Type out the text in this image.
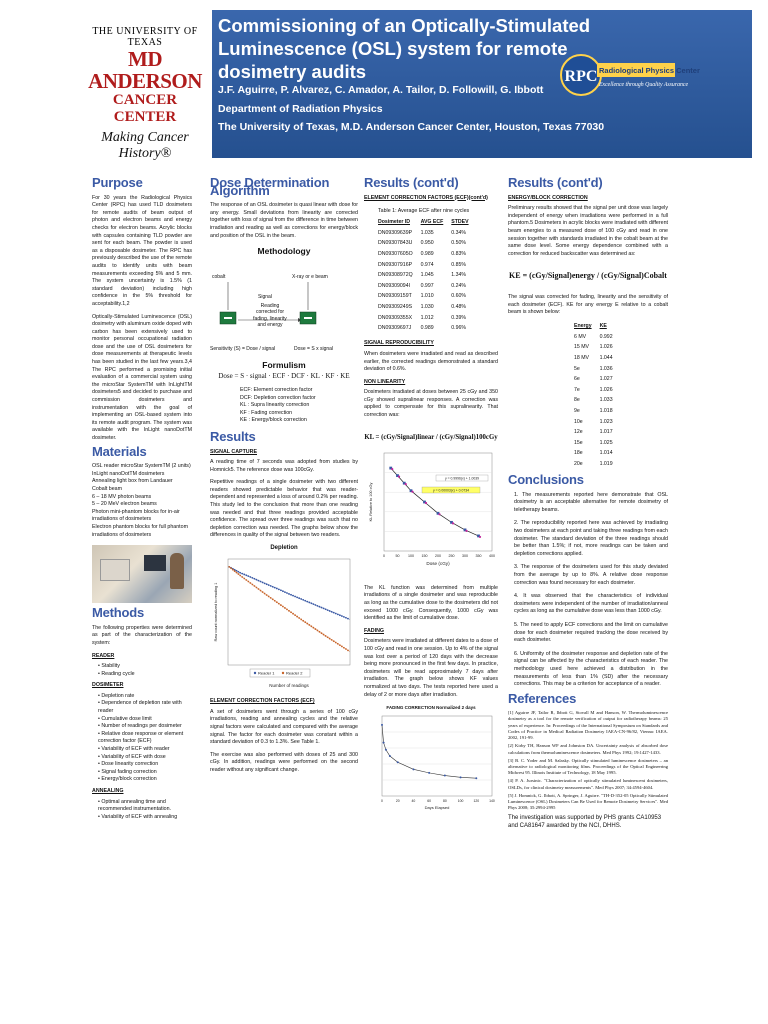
THE UNIVERSITY OF TEXAS
MD ANDERSON
CANCER CENTER
Making Cancer History®
Commissioning of an Optically-Stimulated Luminescence (OSL) system for remote dosimetry audits
J.F. Aguirre, P. Alvarez, C. Amador, A. Tailor, D. Followill, G. Ibbott
Department of Radiation Physics
The University of Texas, M.D. Anderson Cancer Center, Houston, Texas 77030
RPC Radiological Physics Center
Excellence through Quality Assurance
Purpose

For 30 years the Radiological Physics Center (RPC) has used TLD dosimeters for remote audits of beam output of photon and electron beams and energy checks for electron beams. Acrylic blocks with capsules containing TLD powder are sent for each beam. The powder is used as a disposable dosimeter. The RPC has previously described the use of the remote audits to identify units with beam measurements exceeding 5% and 5 mm. The system uncertainty is 1.5% (1 standard deviation) including high confidence in the 5% threshold for acceptability.1,2

Optically-Stimulated Luminescence (OSL) dosimetry with aluminum oxide doped with carbon has been extensively used to monitor personal occupational radiation dose and the use of OSL dosimeters for dose measurements at therapeutic levels has been studied in the last few years.3,4 The RPC performed a promising initial evaluation of a commercial system using the microStar SystemTM with InLightTM dosimeters5 and decided to purchase and commission dosimeters and instrumentation with the goal of implementing an OSL-based system into its remote audit program. The system was available with the InLight nanoDotTM dosimeter.

Materials
OSL reader microStar SystemTM (2 units)
InLight nanoDotTM dosimeters
Annealing light box from Landauer
Cobalt beam
6 – 18 MV photon beams
5 – 20 MeV electron beams
Photon mini-phantom blocks for in-air irradiations of dosimeters
Electron phantom blocks for full phantom irradiations of dosimeters
Methods

The following properties were determined as part of the characterization of the system:

READER
• Stability
• Reading cycle
DOSIMETER
• Depletion rate
• Dependence of depletion rate with reader
• Cumulative dose limit
• Number of readings per dosimeter
• Relative dose response or element correction factor (ECF)
• Variability of ECF with reader
• Variability of ECF with dose
• Dose linearity correction
• Signal fading correction
• Energy/block correction
ANNEALING
• Optimal annealing time and recommended instrumentation.
• Variability of ECF with annealing
Dose Determination Algorithm

The response of an OSL dosimeter is quasi linear with dose for any energy. Small deviations from linearity are corrected together with loss of signal from the difference in time between irradiation and reading as well as corrections for energy/block and position of the OSL in the beam.

Methodology
cobalt	X-ray or e beam
Signal
Reading corrected for fading, linearity and energy
Sensitivity (S) = Dose / signal	Dose = S x signal
Formulism
Dose = S · signal · ECF · DCF · KL · KF · KE
ECF: Element correction factor
DCF: Depletion correction factor
KL : Supra linearity correction
KF : Fading correction
KE : Energy/block correction
Results
SIGNAL CAPTURE

A reading time of 7 seconds was adopted from studies by Homnick5. The reference dose was 100cGy.

Repetitive readings of a single dosimeter with two different readers showed predictable behavior that was reader-dependent and represented a loss of around 0.2% per reading. This study led to the conclusion that more than one reading was needed and that three readings provided acceptable confidence. The spread over three readings was such that no depletion correction was needed. The graphs below show the differences in quality of the signal between two readers.

Depletion
Number of readings
Raw count normalized to reading 1
Reader 1	Reader 2
ELEMENT CORRECTION FACTORS (ECF)

A set of dosimeters went through a series of 100 cGy irradiations, reading and annealing cycles and the relative signal factors were calculated and compared with the average signal. The factor for each dosimeter was constant within a standard deviation of 0.3 to 1.3%. See Table 1.

The exercise was also performed with doses of 25 and 300 cGy. In addition, readings were performed on the second reader without any significant change.

Results (cont'd)
ELEMENT CORRECTION FACTORS (ECF)(cont'd)
Table 1: Average ECF after nine cycles
Dosimeter ID	AVG ECF	STDEV
DN09309639P	1.035	0.34%
DN09307843U	0.950	0.50%
DN09307605O	0.989	0.83%
DN09307916P	0.974	0.85%
DN09308972Q	1.045	1.34%
DN09309094I	0.997	0.24%
DN09309159T	1.010	0.60%
DN09309249S	1.030	0.48%
DN09309355X	1.012	0.39%
DN09309697J	0.989	0.96%
SIGNAL REPRODUCIBILITY

When dosimeters were irradiated and read as described earlier, the corrected readings demonstrated a standard deviation of 0.6%.

NON LINEARITY

Dosimeters irradiated at doses between 25 cGy and 350 cGy showed supralinear responses. A correction was applied to compensate for this supralinearity. That correction was:

KL = (cGy/Signal)linear / (cGy/Signal)100cGy
0	50 100 150 200 250 300 350 400
Dose (cGy)
KL Relative to 100 cGy
y = 0.9996(x) + 1.0039
y = 0.00003(x) + 0.0734

The KL function was determined from multiple irradiations of a single dosimeter and was reproducible as long as the cumulative dose to the dosimeters did not exceed 1000 cGy. Consequently, 1000 cGy was identified as the limit of cumulative dose.

FADING

Dosimeters were irradiated at different dates to a dose of 100 cGy and read in one session. Up to 4% of the signal was lost over a period of 120 days with the decrease being more pronounced in the first few days. In practice, dosimeters will be read approximately 7 days after irradiation. The graph below shows KF values normalized at two days. The tests reported here used a delay of 2 or more days after irradiation.

FADING CORRECTION Normalized 2 days
0	20	40	60	80	100	120	140
Days Elapsed
Results (cont'd)
ENERGY/BLOCK CORRECTION

Preliminary results showed that the signal per unit dose was largely independent of energy when irradiations were performed in a full phantom.5 Dosimeters in acrylic blocks were irradiated with different beam energies to a measured dose of 100 cGy and read in one session together with standards irradiated in the cobalt beam at the same dose level. Some energy dependence combined with a correction for reduced backscatter was determined as:

KE = (cGy/Signal)energy / (cGy/Signal)Cobalt

The signal was corrected for fading, linearity and the sensitivity of each dosimeter (ECF). KE for any energy E relative to a cobalt beam is shown below:

Energy	KE
6 MV	0.992
15 MV	1.026
18 MV	1.044
5e	1.036
6e	1.027
7e	1.026
8e	1.033
9e	1.018
10e	1.023
12e	1.017
15e	1.025
18e	1.014
20e	1.019
Conclusions

1. The measurements reported here demonstrate that OSL dosimetry is an acceptable alternative for remote dosimetry of teletherapy beams.

2. The reproducibility reported here was achieved by irradiating two dosimeters at each point and taking three readings from each dosimeter. The standard deviation of the three readings should be better than 1.5%; if not, more readings can be taken and depletion corrections applied.

3. The response of the dosimeters used for this study deviated from the average by up to 8%. A relative dose response correction was found necessary for each dosimeter.

4. It was observed that the characteristics of individual dosimeters were independent of the number of irradiation/anneal cycles as long as the cumulative dose was less than 1000 cGy.

5. The need to apply ECF corrections and the limit on cumulative dose for each dosimeter required tracking the dose received by each dosimeter.

6. Uniformity of the dosimeter response and depletion rate of the signal can be affected by the characteristics of each reader. The methodology used here achieved a distribution in the measurements of less than 1% (SD) after the necessary corrections. This may be a criterion for acceptance of a reader.

References

[1] Aguirre JF, Tailor R, Ibbott G, Stovall M and Hanson, W. Thermoluminescence dosimetry as a tool for the remote verification of output for radiotherapy beams: 25 years of experience. In: Proceedings of the International Symposium on Standards and Codes of Practice in Medical Radiation Dosimetry IAEA-CN-96/82, Vienna: IAEA. 2002, 191-99.

[2] Kirby TH, Hanson WF and Johnston DA. Uncertainty analysis of absorbed dose calculations from thermoluminescence dosimeters. Med Phys 1992; 19:1427-1433.

[3] B. C. Yoder and M. Salasky. Optically stimulated luminescence dosimeters – an alternative to radiological monitoring films. Proceedings of the Optical Engineering Midwest 95. Illinois Institute of Technology, 18 May 1995.

[4] P. A. Jursinic. "Characterization of optically stimulated luminescent dosimeters, OSLDs, for clinical dosimetry measurements". Med Phys 2007; 34:4594-4604.

[5] J. Homnick, G. Ibbott, A. Springer, J. Aguirre. "TH-D-352-05 Optically Stimulated Luminescence (OSL) Dosimeters Can Be Used for Remote Dosimetry Services". Med Phys 2008; 35:2994-2995

The investigation was supported by PHS grants CA10953 and CA81647 awarded by the NCI, DHHS.
